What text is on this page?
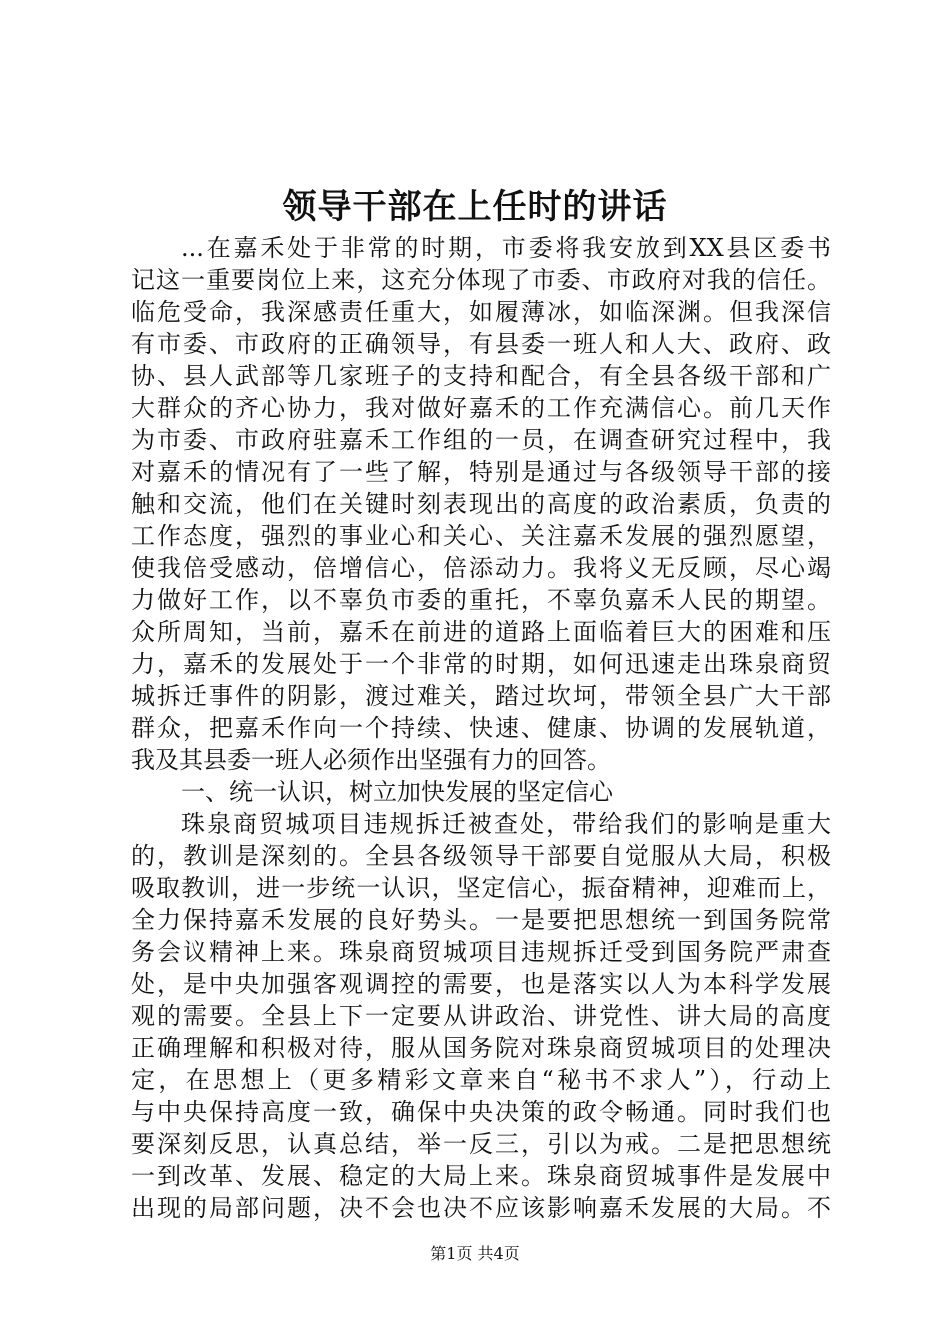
领导干部在上任时的讲话
...在嘉禾处于非常的时期，市委将我安放到XX县区委书
记这一重要岗位上来，这充分体现了市委、市政府对我的信任。
临危受命，我深感责任重大，如履薄冰，如临深渊。但我深信
有市委、市政府的正确领导，有县委一班人和人大、政府、政
协、县人武部等几家班子的支持和配合，有全县各级干部和广
大群众的齐心协力，我对做好嘉禾的工作充满信心。前几天作
为市委、市政府驻嘉禾工作组的一员，在调查研究过程中，我
对嘉禾的情况有了一些了解，特别是通过与各级领导干部的接
触和交流，他们在关键时刻表现出的高度的政治素质，负责的
工作态度，强烈的事业心和关心、关注嘉禾发展的强烈愿望，
使我倍受感动，倍增信心，倍添动力。我将义无反顾，尽心竭
力做好工作，以不辜负市委的重托，不辜负嘉禾人民的期望。
众所周知，当前，嘉禾在前进的道路上面临着巨大的困难和压
力，嘉禾的发展处于一个非常的时期，如何迅速走出珠泉商贸
城拆迁事件的阴影，渡过难关，踏过坎坷，带领全县广大干部
群众，把嘉禾作向一个持续、快速、健康、协调的发展轨道，
我及其县委一班人必须作出坚强有力的回答。
一、统一认识，树立加快发展的坚定信心
珠泉商贸城项目违规拆迁被查处，带给我们的影响是重大
的，教训是深刻的。全县各级领导干部要自觉服从大局，积极
吸取教训，进一步统一认识，坚定信心，振奋精神，迎难而上，
全力保持嘉禾发展的良好势头。一是要把思想统一到国务院常
务会议精神上来。珠泉商贸城项目违规拆迁受到国务院严肃查
处，是中央加强客观调控的需要，也是落实以人为本科学发展
观的需要。全县上下一定要从讲政治、讲党性、讲大局的高度
正确理解和积极对待，服从国务院对珠泉商贸城项目的处理决
定，在思想上（更多精彩文章来自“秘书不求人”），行动上
与中央保持高度一致，确保中央决策的政令畅通。同时我们也
要深刻反思，认真总结，举一反三，引以为戒。二是把思想统
一到改革、发展、稳定的大局上来。珠泉商贸城事件是发展中
出现的局部问题，决不会也决不应该影响嘉禾发展的大局。不
第1页 共4页
